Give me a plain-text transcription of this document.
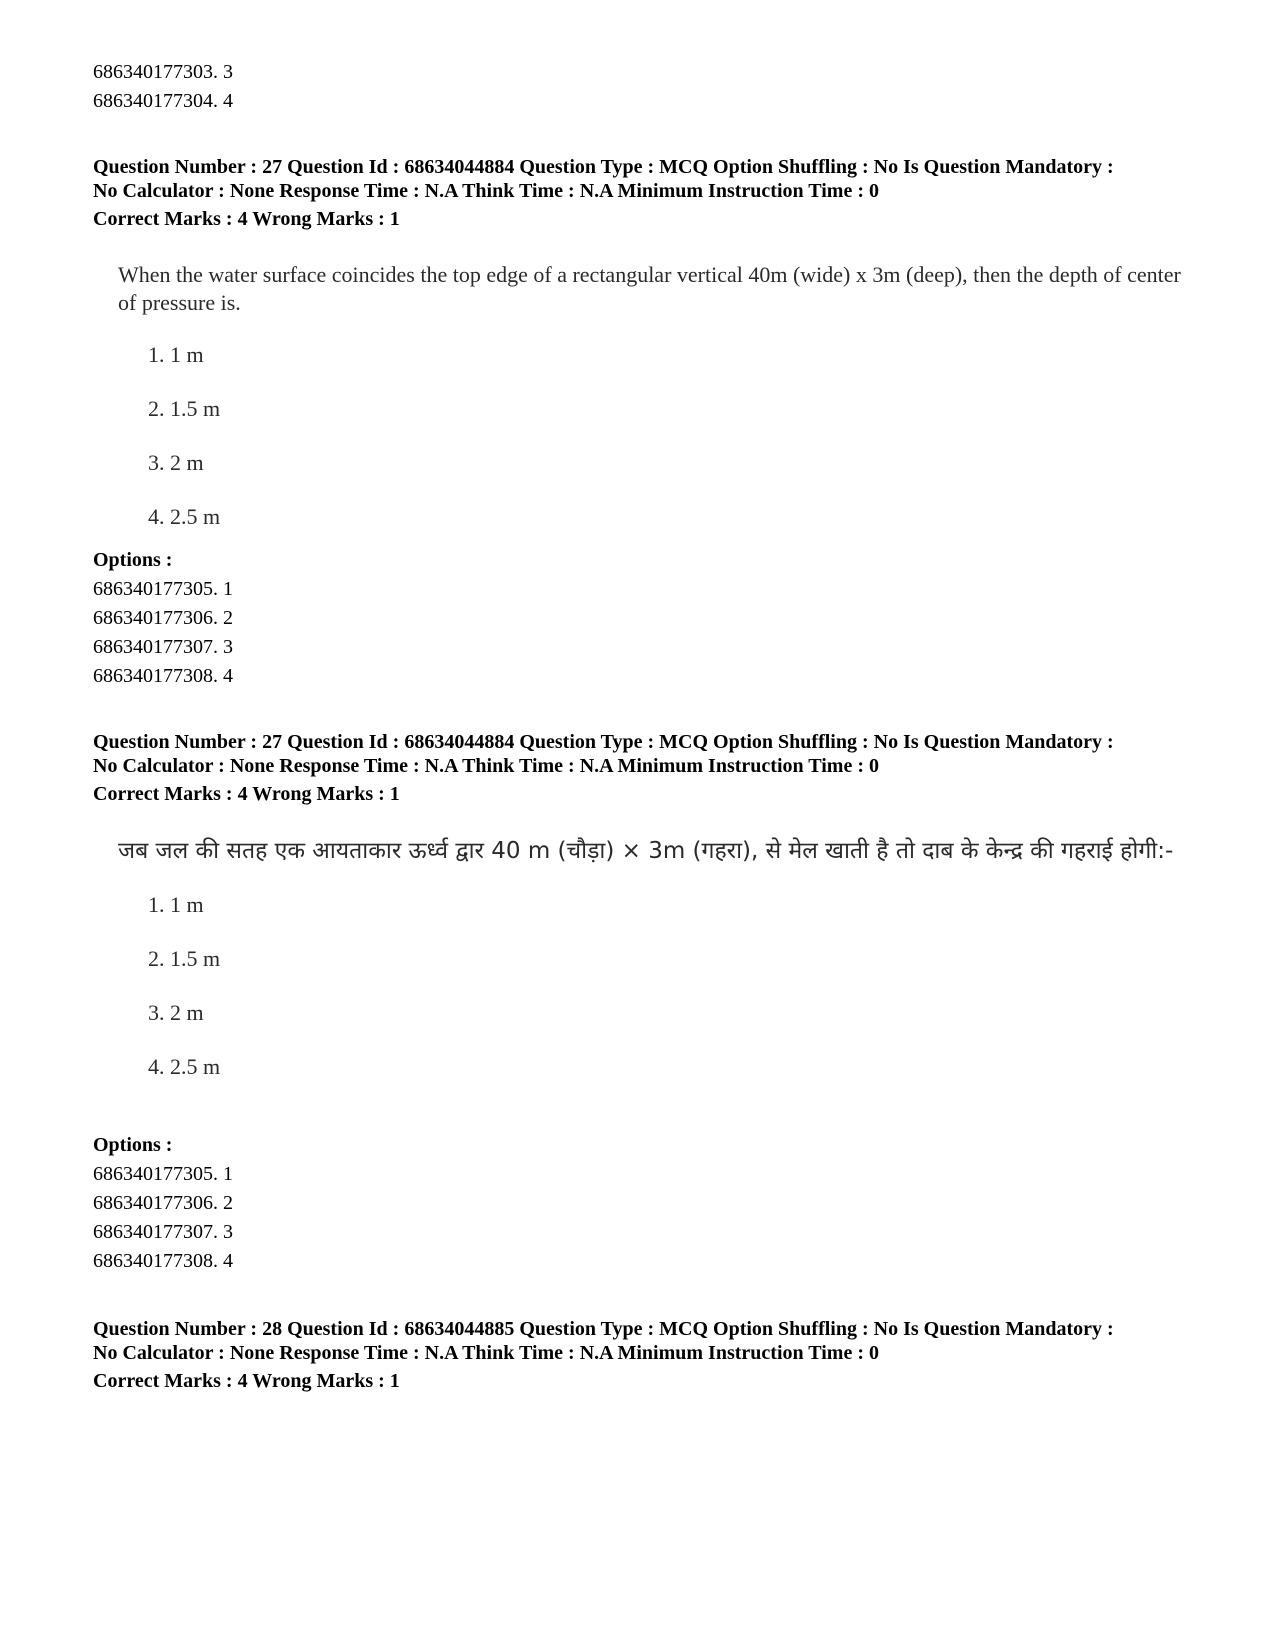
686340177303. 3
686340177304. 4
Question Number : 27 Question Id : 68634044884 Question Type : MCQ Option Shuffling : No Is Question Mandatory :
No Calculator : None Response Time : N.A Think Time : N.A Minimum Instruction Time : 0
Correct Marks : 4 Wrong Marks : 1
When the water surface coincides the top edge of a rectangular vertical 40m (wide) x 3m (deep), then the depth of center of pressure is.
1. 1 m
2. 1.5 m
3. 2 m
4. 2.5 m
Options :
686340177305. 1
686340177306. 2
686340177307. 3
686340177308. 4
Question Number : 27 Question Id : 68634044884 Question Type : MCQ Option Shuffling : No Is Question Mandatory :
No Calculator : None Response Time : N.A Think Time : N.A Minimum Instruction Time : 0
Correct Marks : 4 Wrong Marks : 1
जब जल की सतह एक आयताकार ऊर्ध्व द्वार 40 m (चौड़ा) × 3m (गहरा), से मेल खाती है तो दाब के केन्द्र की गहराई होगी:-
1. 1 m
2. 1.5 m
3. 2 m
4. 2.5 m
Options :
686340177305. 1
686340177306. 2
686340177307. 3
686340177308. 4
Question Number : 28 Question Id : 68634044885 Question Type : MCQ Option Shuffling : No Is Question Mandatory :
No Calculator : None Response Time : N.A Think Time : N.A Minimum Instruction Time : 0
Correct Marks : 4 Wrong Marks : 1
